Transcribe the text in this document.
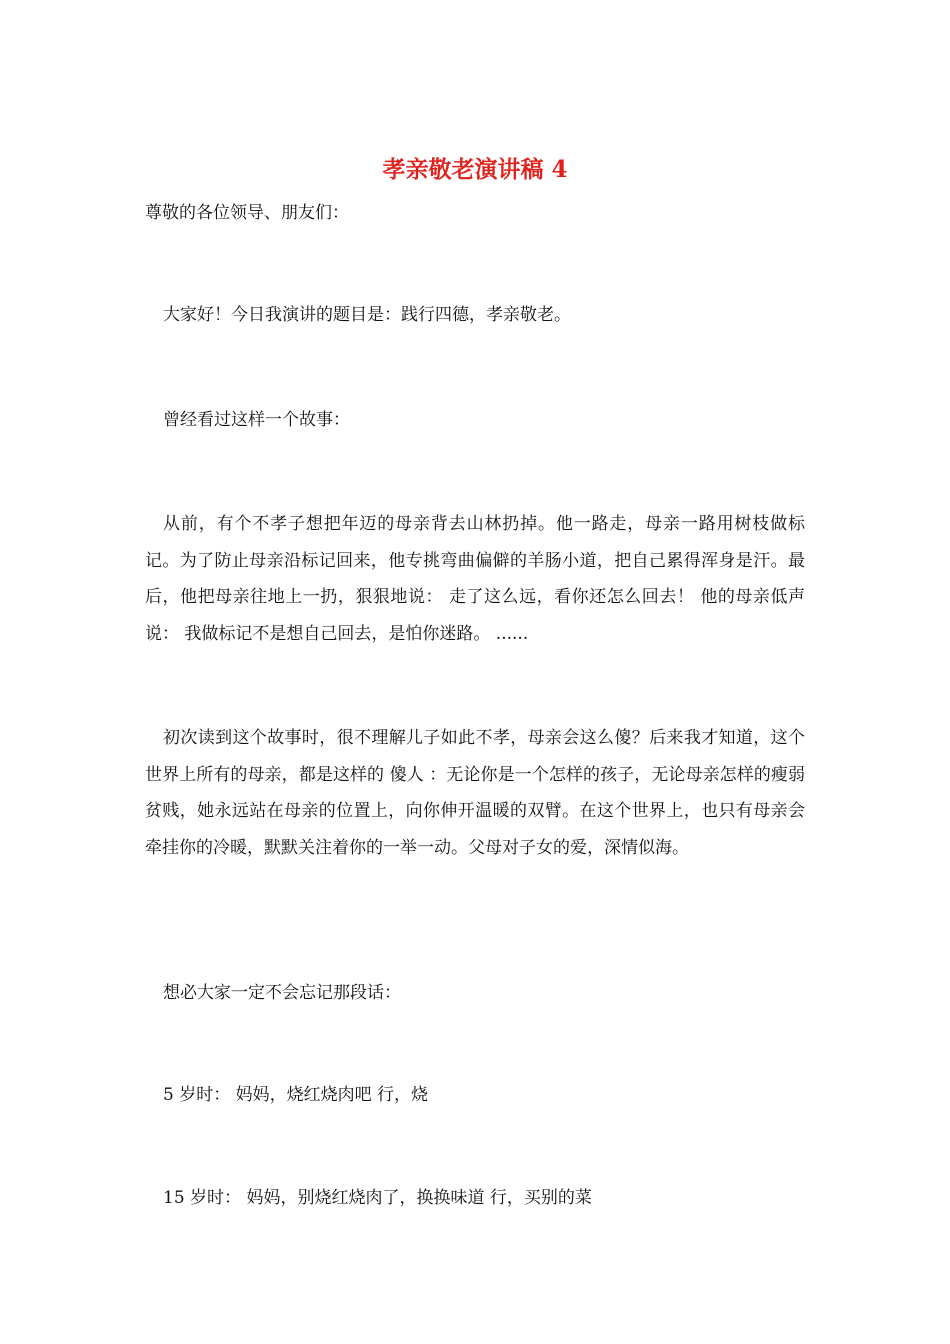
孝亲敬老演讲稿 4

尊敬的各位领导、朋友们：

大家好！今日我演讲的题目是：践行四德，孝亲敬老。

曾经看过这样一个故事：

从前，有个不孝子想把年迈的母亲背去山林扔掉。他一路走，母亲一路用树枝做标记。为了防止母亲沿标记回来，他专挑弯曲偏僻的羊肠小道，把自己累得浑身是汗。最后，他把母亲往地上一扔，狠狠地说： 走了这么远，看你还怎么回去！ 他的母亲低声说： 我做标记不是想自己回去，是怕你迷路。 ......

初次读到这个故事时，很不理解儿子如此不孝，母亲会这么傻？后来我才知道，这个世界上所有的母亲，都是这样的 傻人 ：无论你是一个怎样的孩子，无论母亲怎样的瘦弱贫贱，她永远站在母亲的位置上，向你伸开温暖的双臂。在这个世界上，也只有母亲会牵挂你的冷暖，默默关注着你的一举一动。父母对子女的爱，深情似海。

想必大家一定不会忘记那段话：

5 岁时： 妈妈，烧红烧肉吧 行，烧

15 岁时： 妈妈，别烧红烧肉了，换换味道 行，买别的菜
